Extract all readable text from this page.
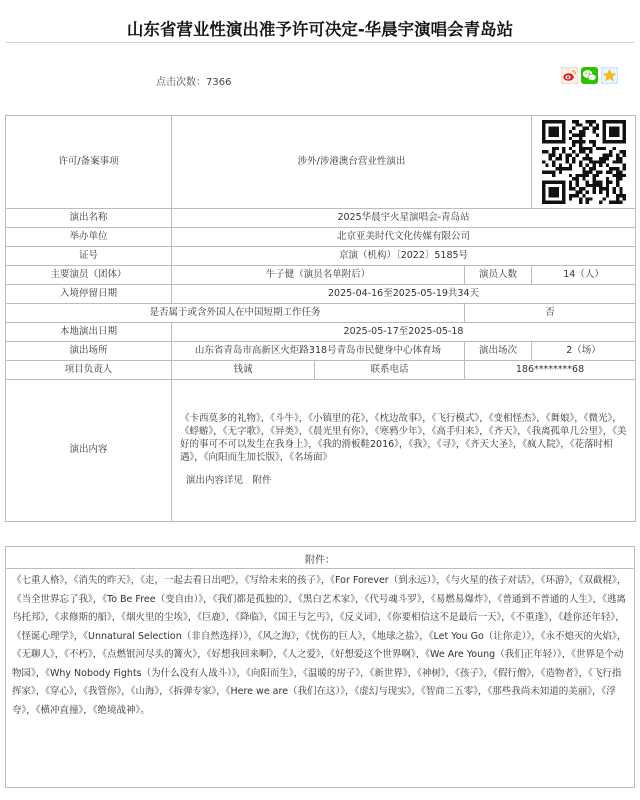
山东省营业性演出准予许可决定-华晨宇演唱会青岛站
点击次数：7366
许可/备案事项	涉外/涉港澳台营业性演出	

演出名称	2025华晨宇火星演唱会-青岛站			
举办单位	北京亚美时代文化传媒有限公司			
证号	京演（机构）〔2022〕5185号			
主要演员（团体）	牛子健（演员名单附后）		演员人数	14（人）
入境停留日期	2025-04-16至2025-05-19共34天			
是否属于或含外国人在中国短期工作任务			否	
本地演出日期	2025-05-17至2025-05-18			
演出场所	山东省青岛市高新区火炬路318号青岛市民健身中心体育场		演出场次	2（场）
项目负责人	钱诚	联系电话	186********68	
演出内容	《卡西莫多的礼物》，《斗牛》，《小镇里的花》，《枕边故事》，《飞行模式》，《变相怪杰》，《舞娘》，《微光》，《蜉蝣》，《无字歌》，《异类》，《晨光里有你》，《寒鸦少年》，《高手归来》，《齐天》，《我离孤单几公里》，《美好的事可不可以发生在我身上》，《我的滑板鞋2016》，《我》，《寻》，《齐天大圣》，《疯人院》，《花落时相遇》，《向阳而生加长版》，《名场面》
演出内容详见　附件			
附件：
《七重人格》，《消失的昨天》，《走，一起去看日出吧》，《写给未来的孩子》，《For Forever（到永远）》，《与火星的孩子对话》，《环游》，《双截棍》，《当全世界忘了我》，《To Be Free（变自由）》，《我们都是孤独的》，《黑白艺术家》，《代号魂斗罗》，《易燃易爆炸》，《普通到不普通的人生》，《逃离乌托邦》，《求修斯的船》，《烟火里的尘埃》，《巨鹿》，《降临》，《国王与乞丐》，《反义词》，《你要相信这不是最后一天》，《不重逢》，《趁你还年轻》，《怪诞心理学》，《Unnatural Selection（非自然选择）》，《风之海》，《忧伤的巨人》，《地球之盐》，《Let You Go（让你走）》，《永不熄灭的火焰》，《无聊人》，《不朽》，《点燃银河尽头的篝火》，《好想我回来啊》，《人之爱》，《好想爱这个世界啊》，《We Are Young（我们正年轻）》，《世界是个动物园》，《Why Nobody Fights（为什么没有人战斗）》，《向阳而生》，《温暖的房子》，《新世界》，《神树》，《孩子》，《假行僧》，《造物者》，《飞行指挥家》，《穿心》，《我管你》，《山海》，《拆弹专家》，《Here we are（我们在这）》，《虚幻与现实》，《智商二五零》，《那些我尚未知道的美丽》，《浮夸》，《横冲直撞》，《绝境战神》。
